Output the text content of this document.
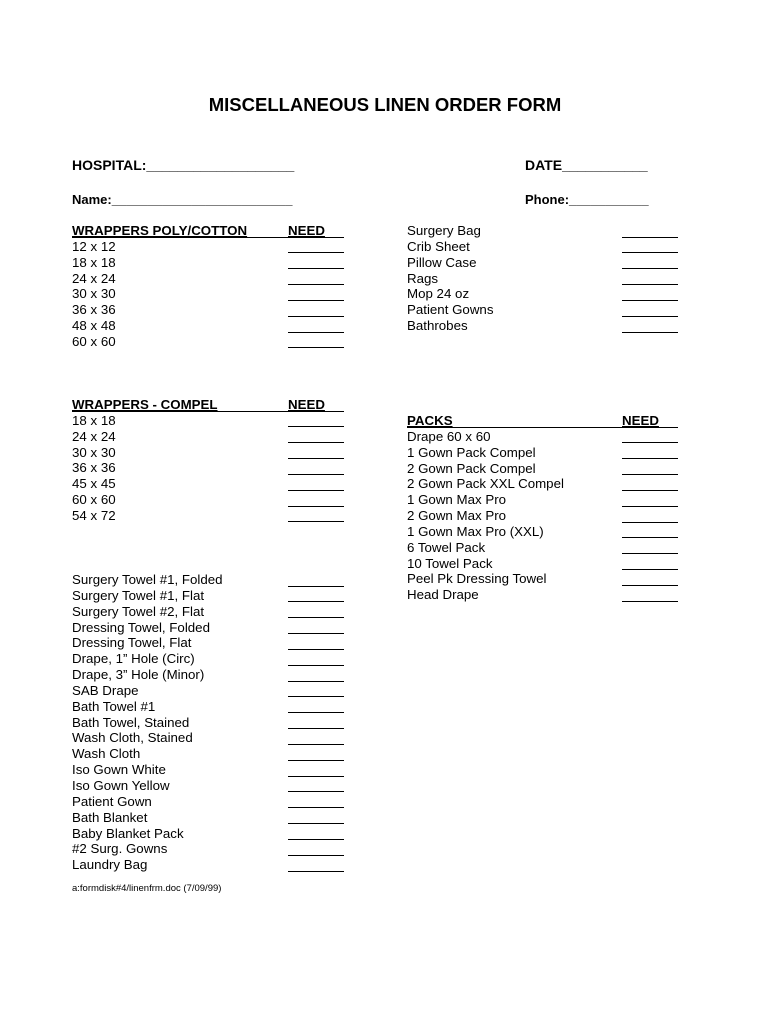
MISCELLANEOUS LINEN ORDER FORM
HOSPITAL:___________________	DATE___________
Name:_________________________	Phone:___________
WRAPPERS POLY/COTTON	NEED
12 x 12
18 x 18
24 x 24
30 x 30
36 x 36
48 x 48
60 x 60
Surgery Bag
Crib Sheet
Pillow Case
Rags
Mop 24 oz
Patient Gowns
Bathrobes
WRAPPERS - COMPEL	NEED
18 x 18
24 x 24
30 x 30
36 x 36
45 x 45
60 x 60
54 x 72
PACKS	NEED
Drape 60 x 60
1 Gown Pack Compel
2 Gown Pack Compel
2 Gown Pack XXL Compel
1 Gown Max Pro
2 Gown Max Pro
1 Gown Max Pro (XXL)
6 Towel Pack
10 Towel Pack
Peel Pk Dressing Towel
Head Drape
Surgery Towel #1, Folded
Surgery Towel #1, Flat
Surgery Towel #2, Flat
Dressing Towel, Folded
Dressing Towel, Flat
Drape, 1” Hole (Circ)
Drape, 3” Hole (Minor)
SAB Drape
Bath Towel #1
Bath Towel, Stained
Wash Cloth, Stained
Wash Cloth
Iso Gown White
Iso Gown Yellow
Patient Gown
Bath Blanket
Baby Blanket Pack
#2 Surg. Gowns
Laundry Bag
a:formdisk#4/linenfrm.doc (7/09/99)
